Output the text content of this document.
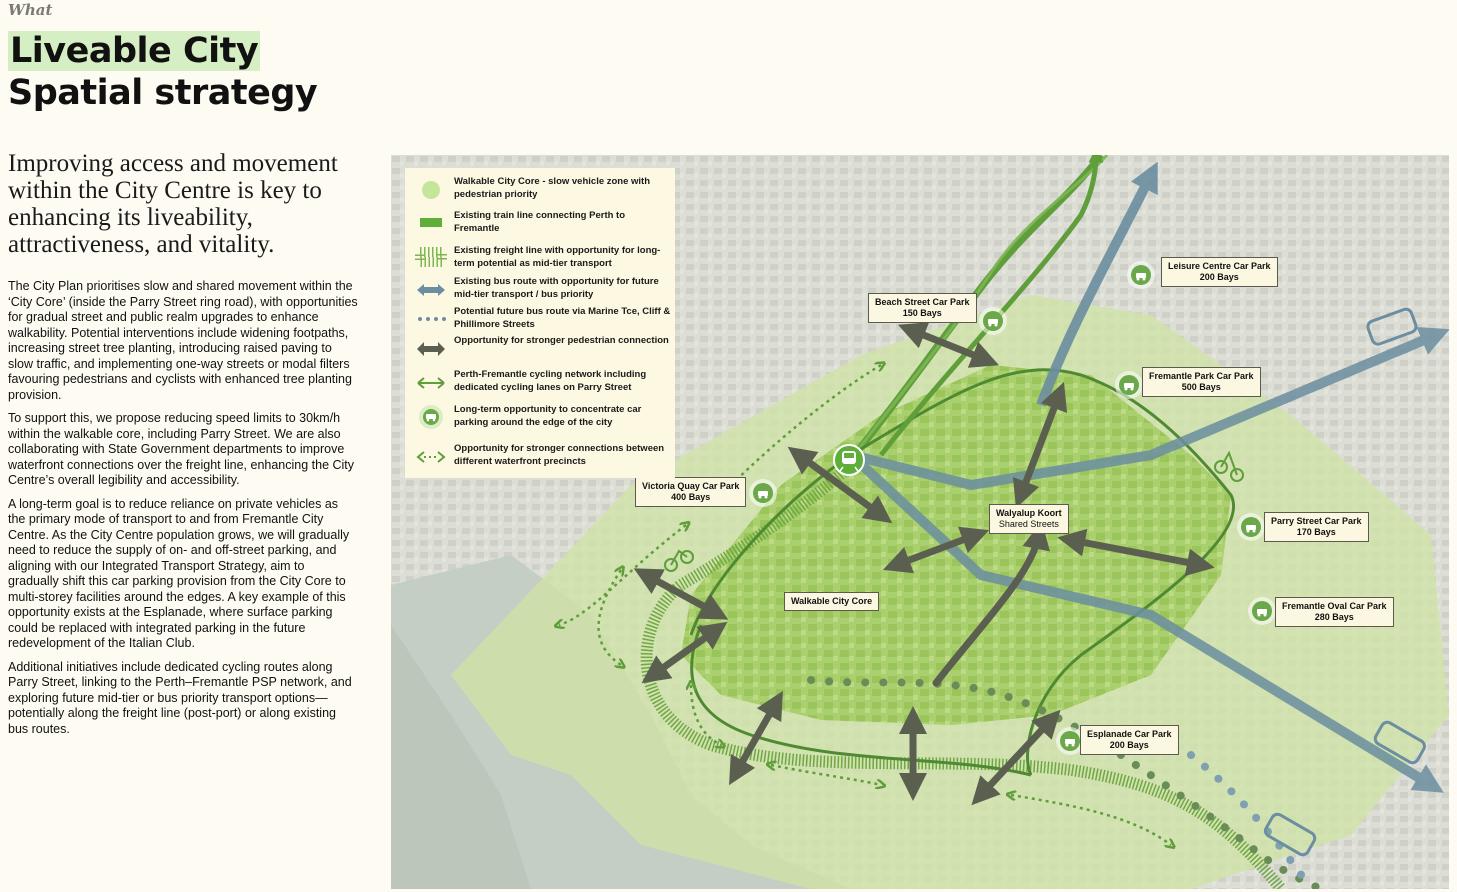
What
Liveable City
Spatial strategy
Improving access and movement within the City Centre is key to enhancing its liveability, attractiveness, and vitality.

The City Plan prioritises slow and shared movement within the ‘City Core’ (inside the Parry Street ring road), with opportunities for gradual street and public realm upgrades to enhance walkability. Potential interventions include widening footpaths, increasing street tree planting, introducing raised paving to slow traffic, and implementing one-way streets or modal filters favouring pedestrians and cyclists with enhanced tree planting provision.

To support this, we propose reducing speed limits to 30km/h within the walkable core, including Parry Street. We are also collaborating with State Government departments to improve waterfront connections over the freight line, enhancing the City Centre’s overall legibility and accessibility.

A long-term goal is to reduce reliance on private vehicles as the primary mode of transport to and from Fremantle City Centre. As the City Centre population grows, we will gradually need to reduce the supply of on- and off-street parking, and aligning with our Integrated Transport Strategy, aim to gradually shift this car parking provision from the City Core to multi-storey facilities around the edges. A key example of this opportunity exists at the Esplanade, where surface parking could be replaced with integrated parking in the future redevelopment of the Italian Club.

Additional initiatives include dedicated cycling routes along Parry Street, linking to the Perth–Fremantle PSP network, and exploring future mid-tier or bus priority transport options—potentially along the freight line (post-port) or along existing bus routes.

Leisure Centre Car Park
200 Bays
Beach Street Car Park
150 Bays
Fremantle Park Car Park
500 Bays
Victoria Quay Car Park
400 Bays
Parry Street Car Park
170 Bays
Fremantle Oval Car Park
280 Bays
Esplanade Car Park
200 Bays
Walyalup Koort
Shared Streets
Walkable City Core
Walkable City Core - slow vehicle zone with pedestrian priority
Existing train line connecting Perth to Fremantle
Existing freight line with opportunity for long-term potential as mid-tier transport
Existing bus route with opportunity for future mid-tier transport / bus priority
Potential future bus route via Marine Tce, Cliff & Phillimore Streets
Opportunity for stronger pedestrian connection
Perth-Fremantle cycling network including dedicated cycling lanes on Parry Street
Long-term opportunity to concentrate car parking around the edge of the city
Opportunity for stronger connections between different waterfront precincts
